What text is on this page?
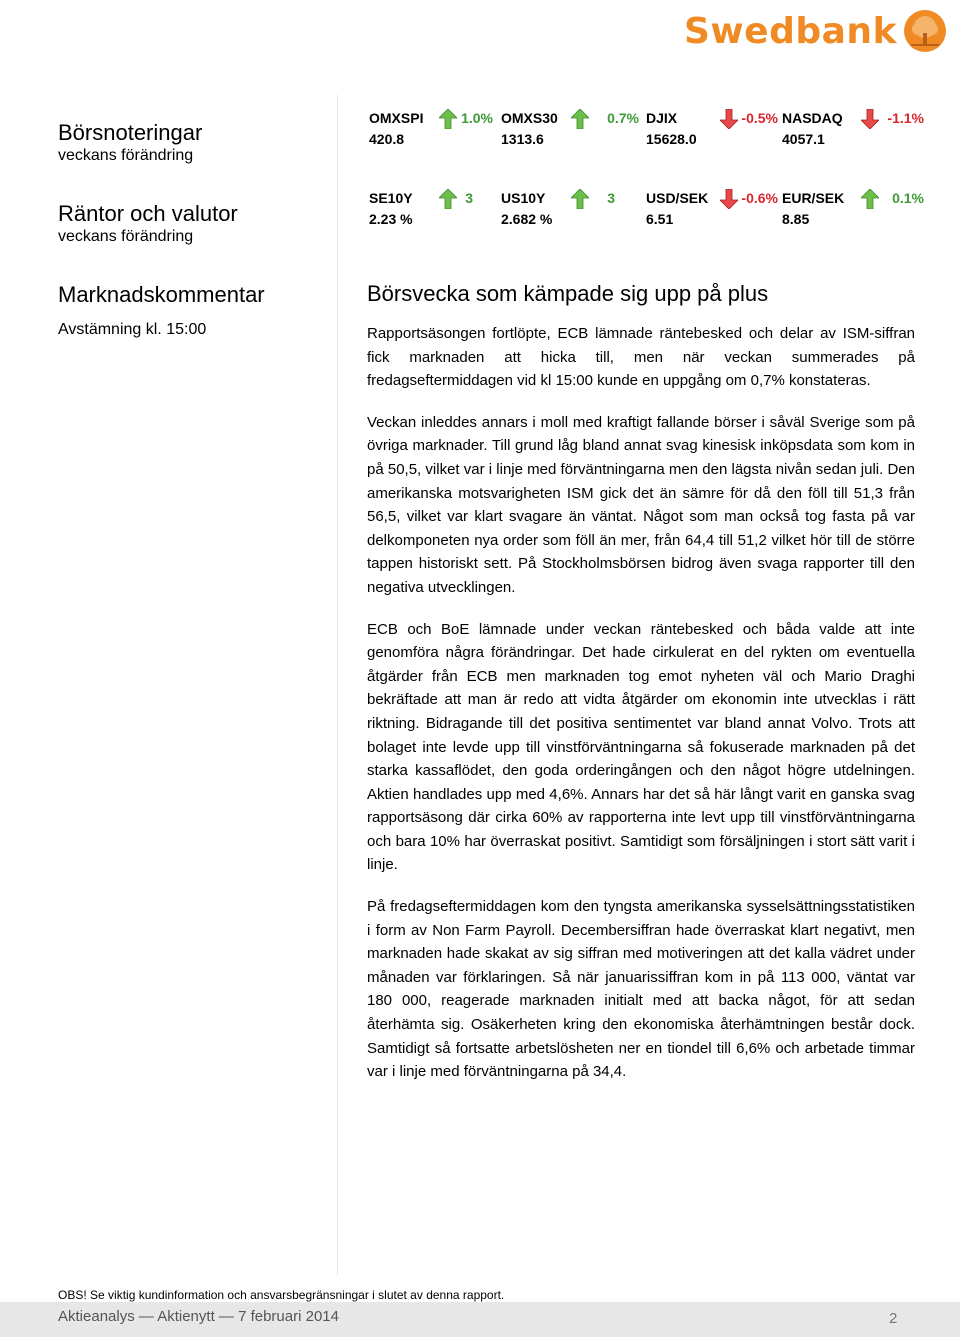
Swedbank
Börsnoteringar
veckans förändring
OMXSPI
420.8
1.0% OMXS30
1313.6
0.7% DJIX
15628.0
-0.5% NASDAQ
4057.1
-1.1%
Räntor och valutor
veckans förändring
SE10Y
2.23 %
3 US10Y
2.682 %
3 USD/SEK
6.51
-0.6% EUR/SEK
8.85
0.1%
Marknadskommentar
Avstämning kl. 15:00
Börsvecka som kämpade sig upp på plus

Rapportsäsongen fortlöpte, ECB lämnade räntebesked och delar av ISM-siffran fick marknaden att hicka till, men när veckan summerades på fredagseftermiddagen vid kl 15:00 kunde en uppgång om 0,7% konstateras.

Veckan inleddes annars i moll med kraftigt fallande börser i såväl Sverige som på övriga marknader. Till grund låg bland annat svag kinesisk inköpsdata som kom in på 50,5, vilket var i linje med förväntningarna men den lägsta nivån sedan juli. Den amerikanska motsvarigheten ISM gick det än sämre för då den föll till 51,3 från 56,5, vilket var klart svagare än väntat. Något som man också tog fasta på var delkomponeten nya order som föll än mer, från 64,4 till 51,2 vilket hör till de större tappen historiskt sett. På Stockholmsbörsen bidrog även svaga rapporter till den negativa utvecklingen.

ECB och BoE lämnade under veckan räntebesked och båda valde att inte genomföra några förändringar. Det hade cirkulerat en del rykten om eventuella åtgärder från ECB men marknaden tog emot nyheten väl och Mario Draghi bekräftade att man är redo att vidta åtgärder om ekonomin inte utvecklas i rätt riktning. Bidragande till det positiva sentimentet var bland annat Volvo. Trots att bolaget inte levde upp till vinstförväntningarna så fokuserade marknaden på det starka kassaflödet, den goda orderingången och den något högre utdelningen. Aktien handlades upp med 4,6%. Annars har det så här långt varit en ganska svag rapportsäsong där cirka 60% av rapporterna inte levt upp till vinstförväntningarna och bara 10% har överraskat positivt. Samtidigt som försäljningen i stort sätt varit i linje.

På fredagseftermiddagen kom den tyngsta amerikanska sysselsättningsstatistiken i form av Non Farm Payroll. Decembersiffran hade överraskat klart negativt, men marknaden hade skakat av sig siffran med motiveringen att det kalla vädret under månaden var förklaringen. Så när januarissiffran kom in på 113 000, väntat var 180 000, reagerade marknaden initialt med att backa något, för att sedan återhämta sig. Osäkerheten kring den ekonomiska återhämtningen består dock. Samtidigt så fortsatte arbetslösheten ner en tiondel till 6,6% och arbetade timmar var i linje med förväntningarna på 34,4.

OBS! Se viktig kundinformation och ansvarsbegränsningar i slutet av denna rapport.
Aktieanalys — Aktienytt — 7 februari 2014	2
